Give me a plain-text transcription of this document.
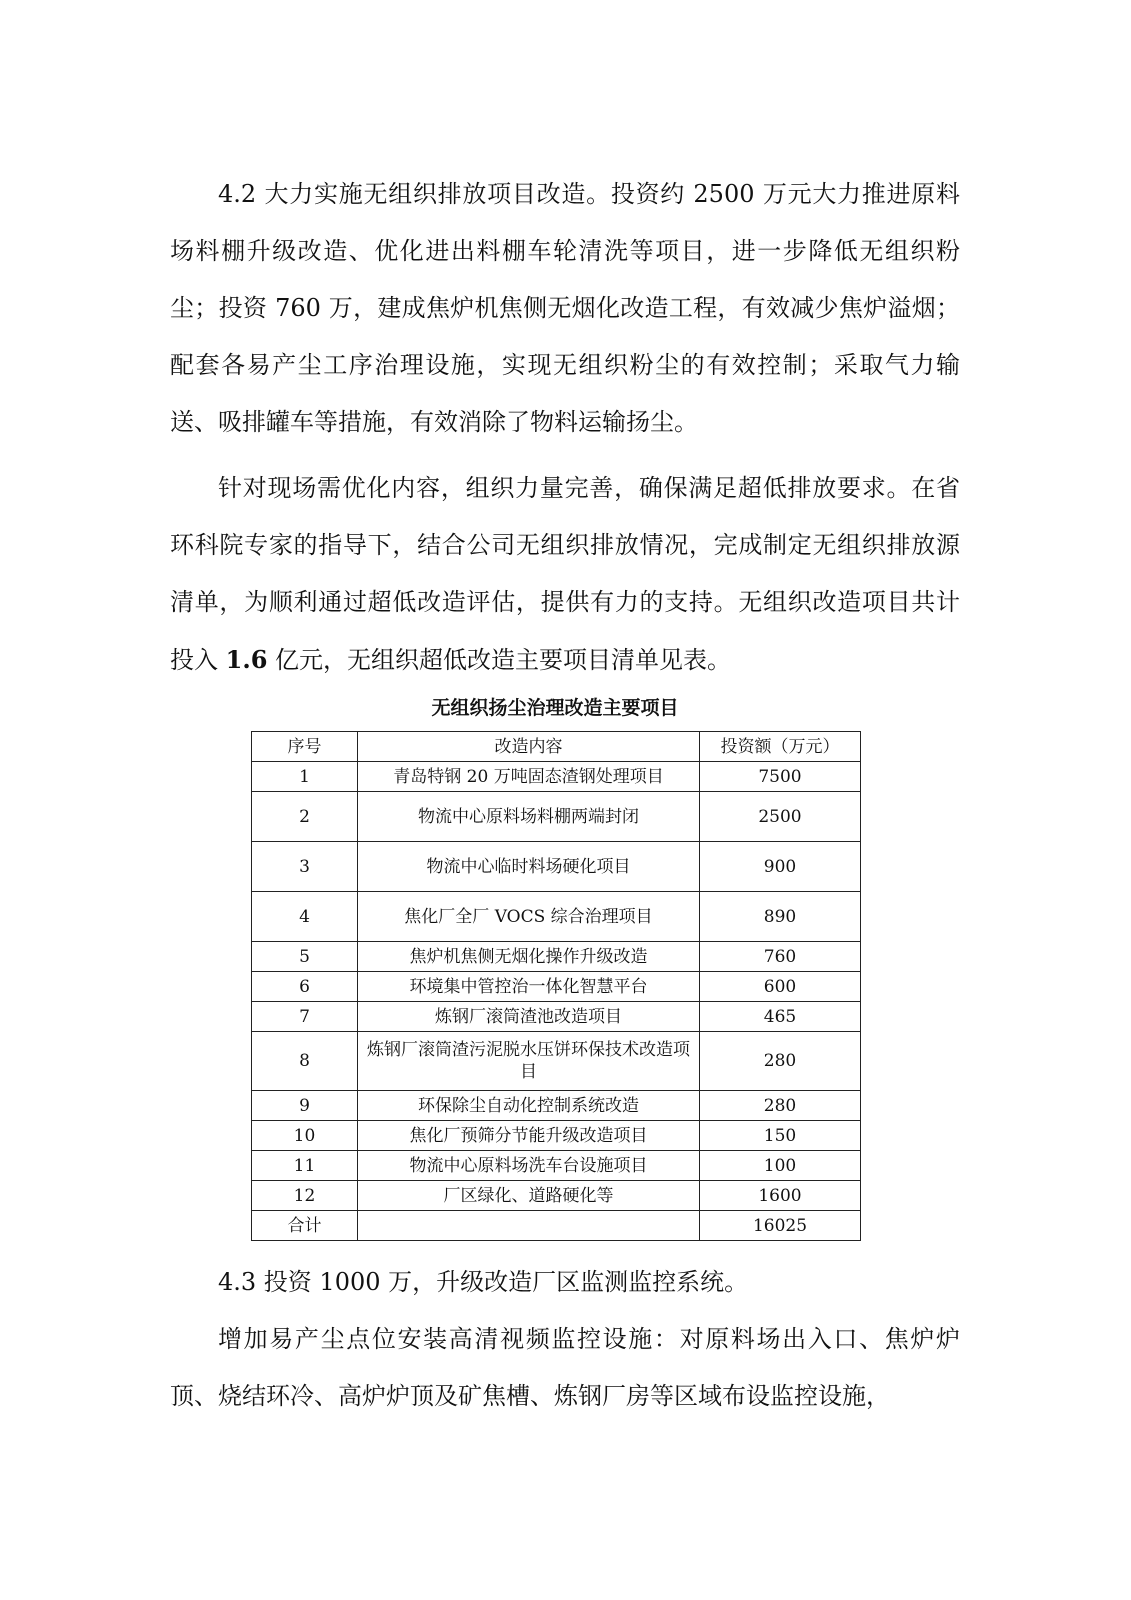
4.2 大力实施无组织排放项目改造。投资约 2500 万元大力推进原料场料棚升级改造、优化进出料棚车轮清洗等项目，进一步降低无组织粉尘；投资 760 万，建成焦炉机焦侧无烟化改造工程，有效减少焦炉溢烟；配套各易产尘工序治理设施，实现无组织粉尘的有效控制；采取气力输送、吸排罐车等措施，有效消除了物料运输扬尘。

针对现场需优化内容，组织力量完善，确保满足超低排放要求。在省环科院专家的指导下，结合公司无组织排放情况，完成制定无组织排放源清单，为顺利通过超低改造评估，提供有力的支持。无组织改造项目共计投入 1.6 亿元，无组织超低改造主要项目清单见表。

无组织扬尘治理改造主要项目
序号	改造内容	投资额（万元）
1	青岛特钢 20 万吨固态渣钢处理项目	7500
2	物流中心原料场料棚两端封闭	2500
3	物流中心临时料场硬化项目	900
4	焦化厂全厂 VOCS 综合治理项目	890
5	焦炉机焦侧无烟化操作升级改造	760
6	环境集中管控治一体化智慧平台	600
7	炼钢厂滚筒渣池改造项目	465
8	炼钢厂滚筒渣污泥脱水压饼环保技术改造项目	280
9	环保除尘自动化控制系统改造	280
10	焦化厂预筛分节能升级改造项目	150
11	物流中心原料场洗车台设施项目	100
12	厂区绿化、道路硬化等	1600
合计		16025

4.3 投资 1000 万，升级改造厂区监测监控系统。

增加易产尘点位安装高清视频监控设施：对原料场出入口、焦炉炉顶、烧结环冷、高炉炉顶及矿焦槽、炼钢厂房等区域布设监控设施，
